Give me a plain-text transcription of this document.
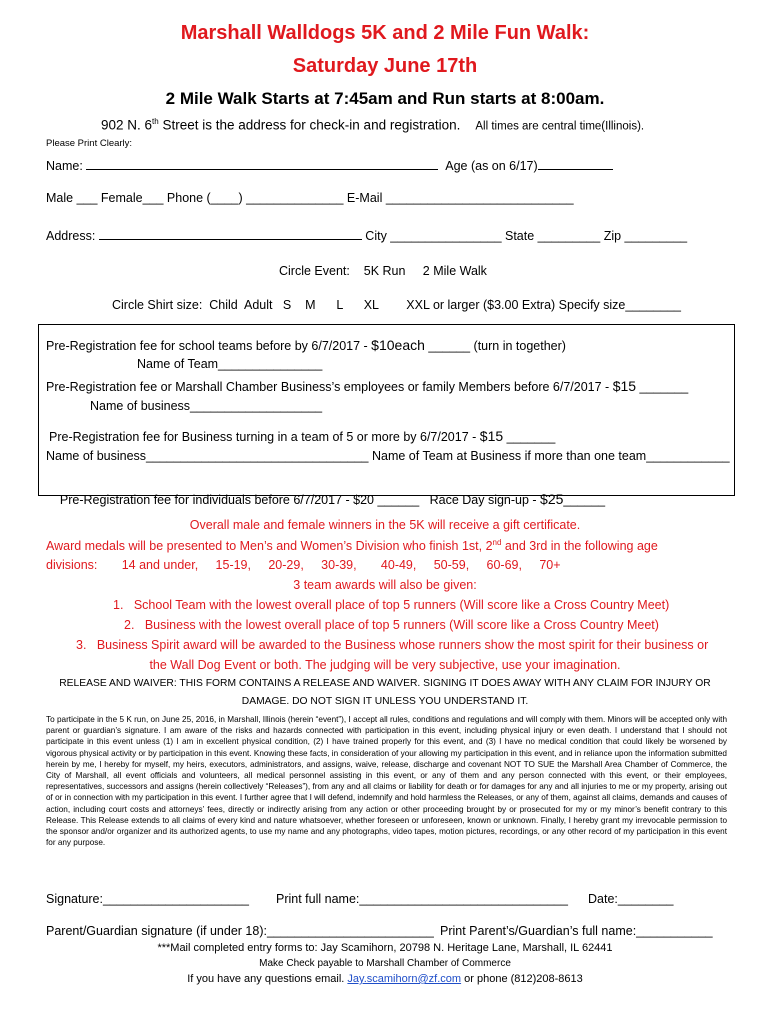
Marshall Walldogs 5K and 2 Mile Fun Walk:
Saturday June 17th
2 Mile Walk Starts at 7:45am and Run starts at 8:00am.
902 N. 6th Street is the address for check-in and registration. All times are central time(Illinois).
Please Print Clearly:
Name:	Age (as on 6/17)
Male ___ Female___ Phone (____) ______________ E-Mail ___________________________
Address:	City ________________ State _________ Zip _________
Circle Event:    5K Run     2 Mile Walk
Circle Shirt size:  Child  Adult   S    M      L      XL        XXL or larger ($3.00 Extra) Specify size________
Pre-Registration fee for school teams before by 6/7/2017 - $10each ______ (turn in together)
Name of Team_______________
Pre-Registration fee or Marshall Chamber Business’s employees or family Members before 6/7/2017 - $15 _______
Name of business___________________
Pre-Registration fee for Business turning in a team of 5 or more by 6/7/2017 - $15 _______
Name of business________________________________ Name of Team at Business if more than one team____________

Pre-Registration fee for individuals before 6/7/2017 - $20 ______   Race Day sign-up - $25______

Overall male and female winners in the 5K will receive a gift certificate.
Award medals will be presented to Men’s and Women’s Division who finish 1st, 2nd and 3rd in the following age
divisions:       14 and under,     15-19,     20-29,     30-39,       40-49,     50-59,     60-69,     70+
3 team awards will also be given:
1.   School Team with the lowest overall place of top 5 runners (Will score like a Cross Country Meet)
2.   Business with the lowest overall place of top 5 runners (Will score like a Cross Country Meet)
3.   Business Spirit award will be awarded to the Business whose runners show the most spirit for their business or
the Wall Dog Event or both. The judging will be very subjective, use your imagination.
RELEASE AND WAIVER: THIS FORM CONTAINS A RELEASE AND WAIVER. SIGNING IT DOES AWAY WITH ANY CLAIM FOR INJURY OR
DAMAGE. DO NOT SIGN IT UNLESS YOU UNDERSTAND IT.
To participate in the 5 K run, on June 25, 2016, in Marshall, Illinois (herein “event”), I accept all rules, conditions and regulations and will comply with them. Minors will be accepted only with parent or guardian’s signature. I am aware of the risks and hazards connected with participation in this event, including physical injury or even death. I understand that I should not participate in this event unless (1) I am in excellent physical condition, (2) I have trained properly for this event, and (3) I have no medical condition that could likely be worsened by vigorous physical activity or by participation in this event. Knowing these facts, in consideration of your allowing my participation in this event, and in reliance upon the information submitted herein by me, I hereby for myself, my heirs, executors, administrators, and assigns, waive, release, discharge and covenant NOT TO SUE the Marshall Area Chamber of Commerce, the City of Marshall, all event officials and volunteers, all medical personnel assisting in this event, or any of them and any person connected with this event, or their employees, representatives, successors and assigns (herein collectively “Releases”), from any and all claims or liability for death or for damages for any and all injuries to me or my property, arising out of or in connection with my participation in this event. I further agree that I will defend, indemnify and hold harmless the Releases, or any of them, against all claims, demands and causes of action, including court costs and attorneys’ fees, directly or indirectly arising from any action or other proceeding brought by or prosecuted for my or my minor’s benefit contrary to this Release. This Release extends to all claims of every kind and nature whatsoever, whether foreseen or unforeseen, known or unknown. Finally, I hereby grant my irrevocable permission to the sponsor and/or organizer and its authorized agents, to use my name and any photographs, video tapes, motion pictures, recordings, or any other record of my participation in this event for any purpose.
Signature:_____________________ Print full name:______________________________ Date:________
Parent/Guardian signature (if under 18):________________________ Print Parent’s/Guardian’s full name:___________
***Mail completed entry forms to: Jay Scamihorn, 20798 N. Heritage Lane, Marshall, IL 62441
Make Check payable to Marshall Chamber of Commerce
If you have any questions email. Jay.scamihorn@zf.com or phone (812)208-8613
